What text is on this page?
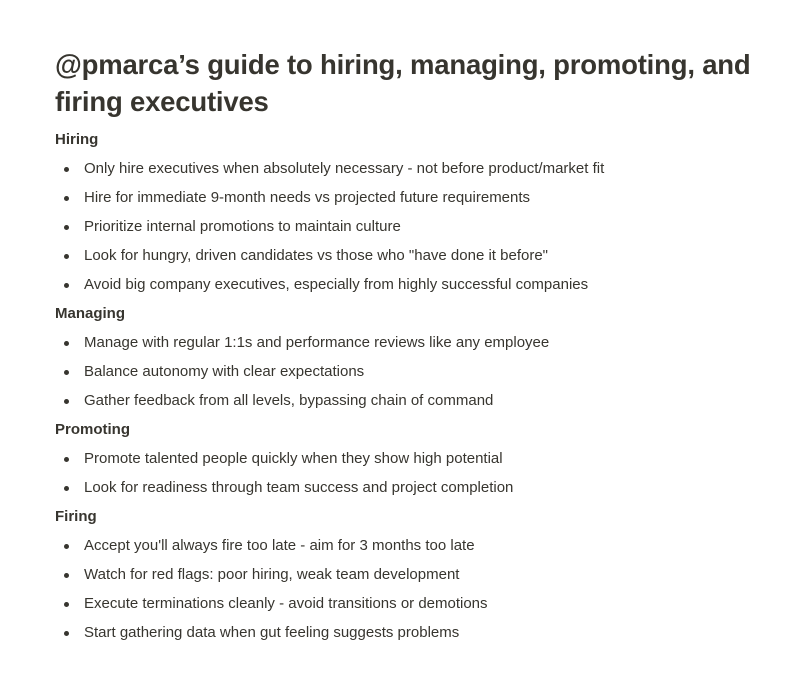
@pmarca’s guide to hiring, managing, promoting, and firing executives
Hiring
Only hire executives when absolutely necessary - not before product/market fit
Hire for immediate 9-month needs vs projected future requirements
Prioritize internal promotions to maintain culture
Look for hungry, driven candidates vs those who "have done it before"
Avoid big company executives, especially from highly successful companies
Managing
Manage with regular 1:1s and performance reviews like any employee
Balance autonomy with clear expectations
Gather feedback from all levels, bypassing chain of command
Promoting
Promote talented people quickly when they show high potential
Look for readiness through team success and project completion
Firing
Accept you'll always fire too late - aim for 3 months too late
Watch for red flags: poor hiring, weak team development
Execute terminations cleanly - avoid transitions or demotions
Start gathering data when gut feeling suggests problems
